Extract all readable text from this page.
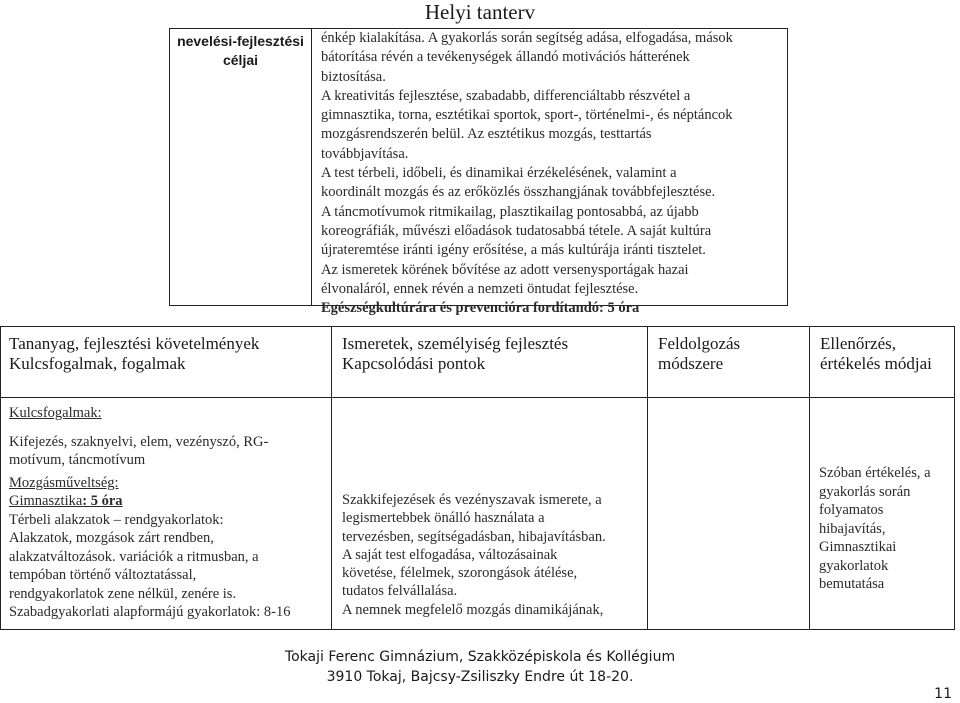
Helyi tanterv
nevelési-fejlesztési céljai
énkép kialakítása. A gyakorlás során segítség adása, elfogadása, mások
bátorítása révén a tevékenységek állandó motivációs hátterének
biztosítása.
A kreativitás fejlesztése, szabadabb, differenciáltabb részvétel a
gimnasztika, torna, esztétikai sportok, sport-, történelmi-, és néptáncok
mozgásrendszerén belül. Az esztétikus mozgás, testtartás
továbbjavítása.
A test térbeli, időbeli, és dinamikai érzékelésének, valamint a
koordinált mozgás és az erőközlés összhangjának továbbfejlesztése.
A táncmotívumok ritmikailag, plasztikailag pontosabbá, az újabb
koreográfiák, művészi előadások tudatosabbá tétele. A saját kultúra
újrateremtése iránti igény erősítése, a más kultúrája iránti tisztelet.
Az ismeretek körének bővítése az adott versenysportágak hazai
élvonaláról, ennek révén a nemzeti öntudat fejlesztése.
Egészségkultúrára és prevencióra fordítandó: 5 óra
Tananyag, fejlesztési követelmények
Kulcsfogalmak, fogalmak
Ismeretek, személyiség fejlesztés
Kapcsolódási pontok
Feldolgozás
módszere
Ellenőrzés,
értékelés módjai
Kulcsfogalmak:
Kifejezés, szaknyelvi, elem, vezényszó, RG-
motívum, táncmotívum
Mozgásműveltség:
Gimnasztika: 5 óra
Térbeli alakzatok – rendgyakorlatok:
Alakzatok, mozgások zárt rendben,
alakzatváltozások. variációk a ritmusban, a
tempóban történő változtatással,
rendgyakorlatok zene nélkül, zenére is.
Szabadgyakorlati alapformájú gyakorlatok: 8-16
Szakkifejezések és vezényszavak ismerete, a
legismertebbek önálló használata a
tervezésben, segítségadásban, hibajavításban.
A saját test elfogadása, változásainak
követése, félelmek, szorongások átélése,
tudatos felvállalása.
A nemnek megfelelő mozgás dinamikájának,
Szóban értékelés, a
gyakorlás során
folyamatos
hibajavítás,
Gimnasztikai
gyakorlatok
bemutatása
Tokaji Ferenc Gimnázium, Szakközépiskola és Kollégium
3910 Tokaj, Bajcsy-Zsiliszky Endre út 18-20.
11
